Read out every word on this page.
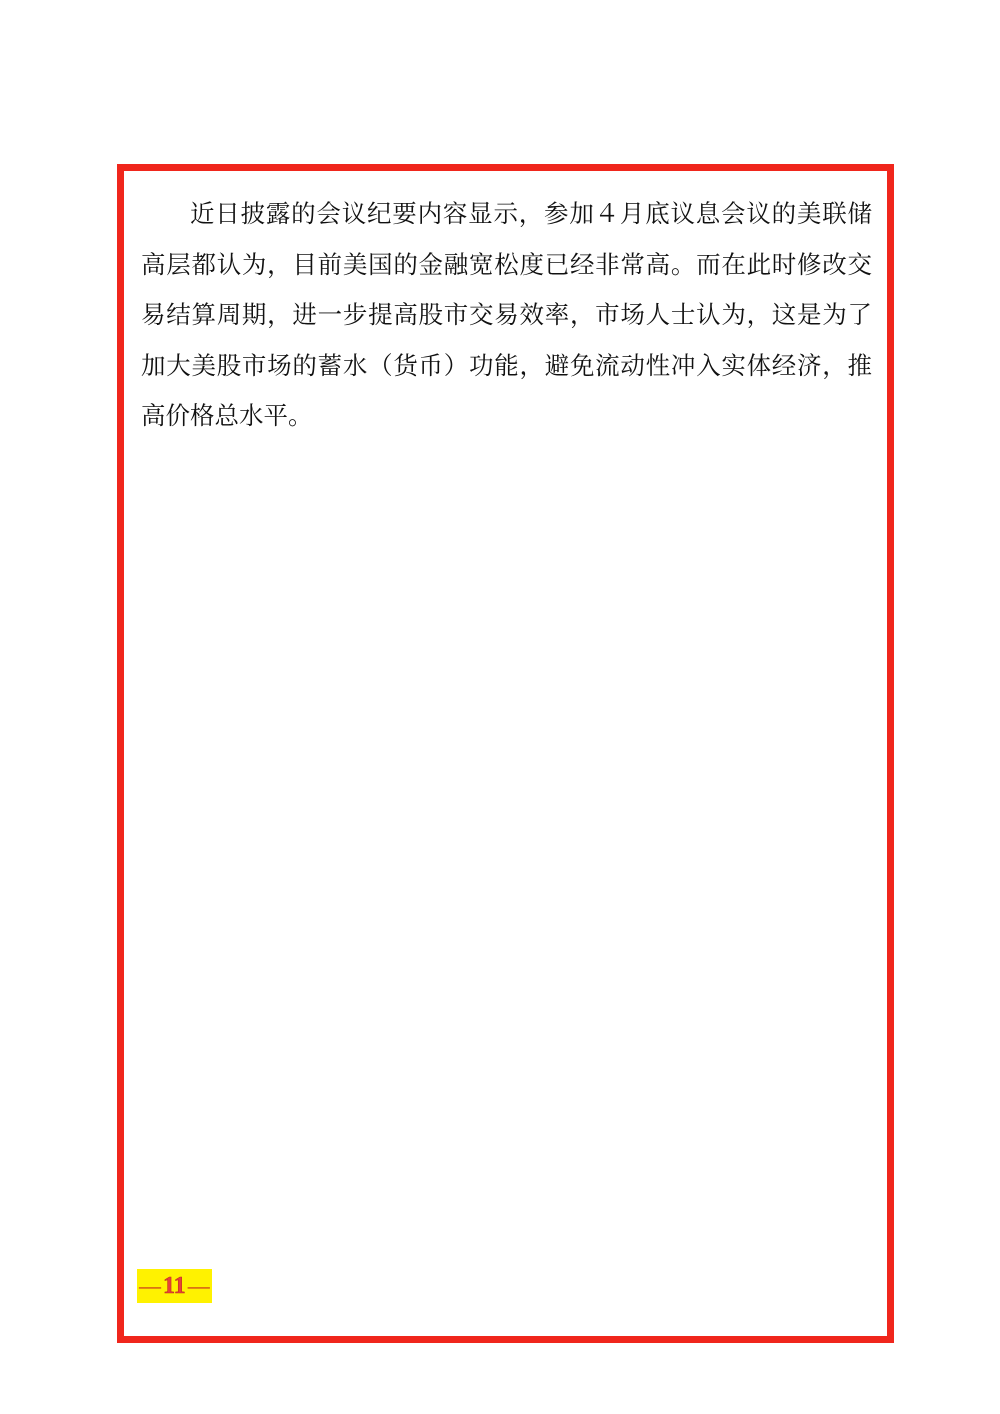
近日披露的会议纪要内容显示，参加４月底议息会议的美联储高层都认为，目前美国的金融宽松度已经非常高。而在此时修改交易结算周期，进一步提高股市交易效率，市场人士认为，这是为了加大美股市场的蓄水（货币）功能，避免流动性冲入实体经济，推高价格总水平。

— 11 —
